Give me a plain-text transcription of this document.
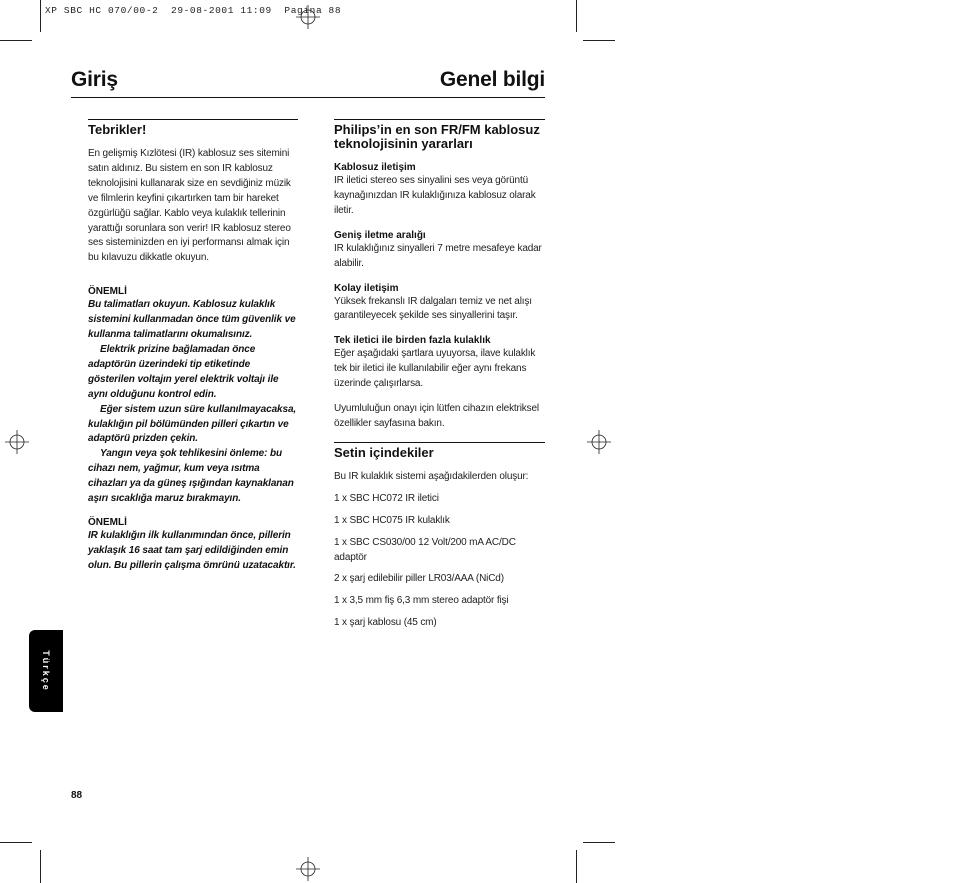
XP SBC HC 070/00-2  29-08-2001 11:09  Pagina 88
Giriş	Genel bilgi
Tebrikler!
En gelişmiş Kızlötesi (IR) kablosuz ses sitemini satın aldınız. Bu sistem en son IR kablosuz teknolojisini kullanarak size en sevdiğiniz müzik ve filmlerin keyfini çıkartırken tam bir hareket özgürlüğü sağlar. Kablo veya kulaklık tellerinin yarattığı sorunlara son verir! IR kablosuz stereo ses sisteminizden en iyi performansı almak için bu kılavuzu dikkatle okuyun.
ÖNEMLİ
Bu talimatları okuyun. Kablosuz kulaklık sistemini kullanmadan önce tüm güvenlik ve kullanma talimatlarını okumalısınız.
Elektrik prizine bağlamadan önce adaptörün üzerindeki tip etiketinde gösterilen voltajın yerel elektrik voltajı ile aynı olduğunu kontrol edin.
Eğer sistem uzun süre kullanılmayacaksa, kulaklığın pil bölümünden pilleri çıkartın ve adaptörü prizden çekin.
Yangın veya şok tehlikesini önleme: bu cihazı nem, yağmur, kum veya ısıtma cihazları ya da güneş ışığından kaynaklanan aşırı sıcaklığa maruz bırakmayın.
ÖNEMLİ
IR kulaklığın ilk kullanımından önce, pillerin yaklaşık 16 saat tam şarj edildiğinden emin olun. Bu pillerin çalışma ömrünü uzatacaktır.
Philips’in en son FR/FM kablosuz teknolojisinin yararları
Kablosuz iletişim
IR iletici stereo ses sinyalini ses veya görüntü kaynağınızdan IR kulaklığınıza kablosuz olarak iletir.
Geniş iletme aralığı
IR kulaklığınız sinyalleri 7 metre mesafeye kadar alabilir.
Kolay iletişim
Yüksek frekanslı IR dalgaları temiz ve net alışı garantileyecek şekilde ses sinyallerini taşır.
Tek iletici ile birden fazla kulaklık
Eğer aşağıdaki şartlara uyuyorsa, ilave kulaklık tek bir iletici ile kullanılabilir eğer aynı frekans üzerinde çalışırlarsa.
Uyumluluğun onayı için lütfen cihazın elektriksel özellikler sayfasına bakın.
Setin içindekiler
Bu IR kulaklık sistemi aşağıdakilerden oluşur:
1 x SBC HC072 IR iletici
1 x SBC HC075 IR kulaklık
1 x SBC CS030/00 12 Volt/200 mA AC/DC adaptör
2 x şarj edilebilir piller LR03/AAA (NiCd)
1 x 3,5 mm fiş 6,3 mm stereo adaptör fişi
1 x şarj kablosu (45 cm)
Türkçe
88
